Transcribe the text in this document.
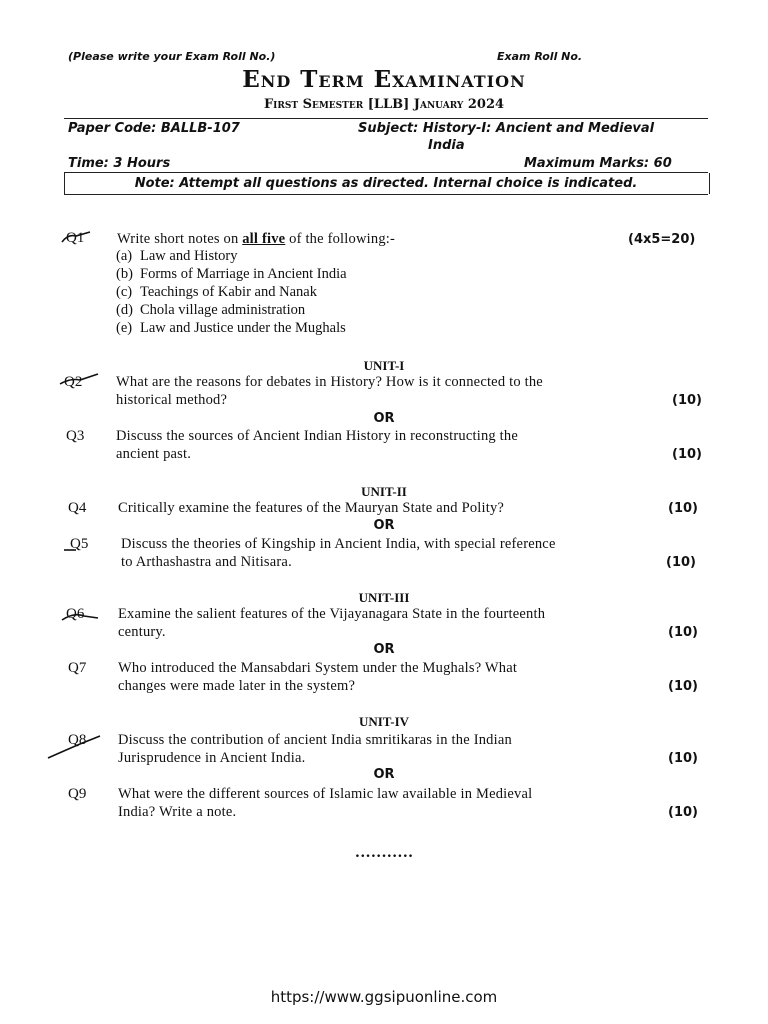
(Please write your Exam Roll No.)	Exam Roll No.
End Term Examination
First Semester [LLB] January 2024
Paper Code: BALLB-107	Subject: History-I: Ancient and Medieval
India
Time: 3 Hours	Maximum Marks: 60
Note: Attempt all questions as directed. Internal choice is indicated.
Q1 Write short notes on all five of the following:-	(4x5=20)
(a) Law and History
(b) Forms of Marriage in Ancient India
(c) Teachings of Kabir and Nanak
(d) Chola village administration
(e) Law and Justice under the Mughals
UNIT-I
Q2 What are the reasons for debates in History? How is it connected to the
historical method?	(10)
OR
Q3 Discuss the sources of Ancient Indian History in reconstructing the
ancient past.	(10)
UNIT-II
Q4 Critically examine the features of the Mauryan State and Polity?	(10)
OR
Q5 Discuss the theories of Kingship in Ancient India, with special reference
to Arthashastra and Nitisara.	(10)
UNIT-III
Q6 Examine the salient features of the Vijayanagara State in the fourteenth
century.	(10)
OR
Q7 Who introduced the Mansabdari System under the Mughals? What
changes were made later in the system?	(10)
UNIT-IV
Q8 Discuss the contribution of ancient India smritikaras in the Indian
Jurisprudence in Ancient India.	(10)
OR
Q9 What were the different sources of Islamic law available in Medieval
India? Write a note.	(10)
•••••••••••
https://www.ggsipuonline.com
